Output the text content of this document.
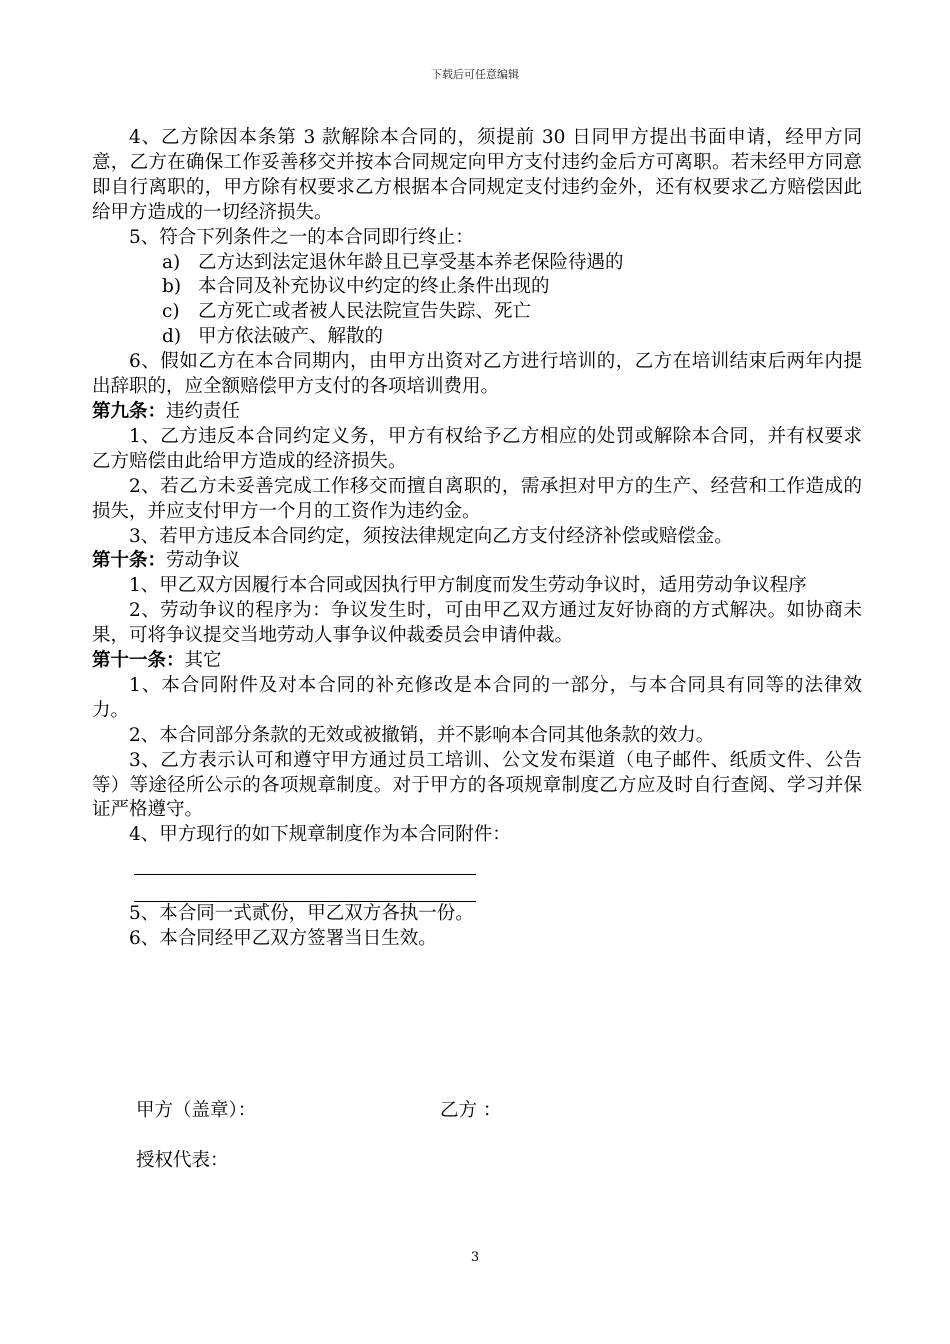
下载后可任意编辑

4、乙方除因本条第 3 款解除本合同的，须提前 30 日同甲方提出书面申请，经甲方同意，乙方在确保工作妥善移交并按本合同规定向甲方支付违约金后方可离职。若未经甲方同意即自行离职的，甲方除有权要求乙方根据本合同规定支付违约金外，还有权要求乙方赔偿因此给甲方造成的一切经济损失。

5、符合下列条件之一的本合同即行终止：

a) 乙方达到法定退休年龄且已享受基本养老保险待遇的

b) 本合同及补充协议中约定的终止条件出现的

c) 乙方死亡或者被人民法院宣告失踪、死亡

d) 甲方依法破产、解散的

6、假如乙方在本合同期内，由甲方出资对乙方进行培训的，乙方在培训结束后两年内提出辞职的，应全额赔偿甲方支付的各项培训费用。

第九条：违约责任

1、乙方违反本合同约定义务，甲方有权给予乙方相应的处罚或解除本合同，并有权要求乙方赔偿由此给甲方造成的经济损失。

2、若乙方未妥善完成工作移交而擅自离职的，需承担对甲方的生产、经营和工作造成的损失，并应支付甲方一个月的工资作为违约金。

3、若甲方违反本合同约定，须按法律规定向乙方支付经济补偿或赔偿金。

第十条：劳动争议

1、甲乙双方因履行本合同或因执行甲方制度而发生劳动争议时，适用劳动争议程序

2、劳动争议的程序为：争议发生时，可由甲乙双方通过友好协商的方式解决。如协商未果，可将争议提交当地劳动人事争议仲裁委员会申请仲裁。

第十一条：其它

1、本合同附件及对本合同的补充修改是本合同的一部分，与本合同具有同等的法律效力。

2、本合同部分条款的无效或被撤销，并不影响本合同其他条款的效力。

3、乙方表示认可和遵守甲方通过员工培训、公文发布渠道（电子邮件、纸质文件、公告等）等途径所公示的各项规章制度。对于甲方的各项规章制度乙方应及时自行查阅、学习并保证严格遵守。

4、甲方现行的如下规章制度作为本合同附件：

5、本合同一式贰份，甲乙双方各执一份。

6、本合同经甲乙双方签署当日生效。

甲方（盖章）：	乙方 ：
授权代表：
3
